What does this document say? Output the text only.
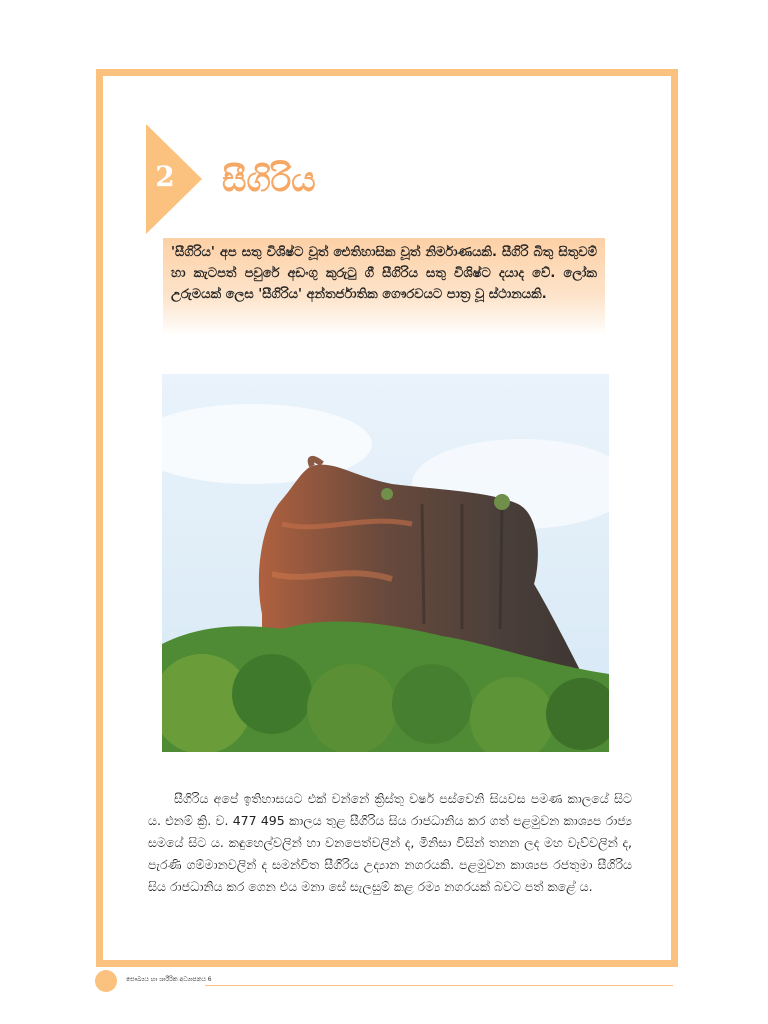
2 සීගිරිය

'සීගිරිය' අප සතු විශිෂ්ට වූත් ඓතිහාසික වූත් නිර්මාණයකි. සීගිරි බිතු සිතුවම් හා කැටපත් පවුරේ අඩංගු කුරුටු ගී සීගිරිය සතු විශිෂ්ට දයාද වේ. ලෝක උරුමයක් ලෙස 'සීගිරිය' අන්තර්ජාතික ගෞරවයට පාත්‍ර වූ ස්ථානයකි.

සීගිරිය අපේ ඉතිහාසයට එක් වන්නේ ක්‍රිස්තු වර්ෂ පස්වෙනි සියවස පමණ කාලයේ සිට ය. එනම් ක්‍රි. ව. 477 495 කාලය තුළ සීගිරිය සිය රාජධානිය කර ගත් පළමුවන කාශ්‍යප රාජ්‍ය සමයේ සිට ය. කඳුහෙල්වලින් හා වනපෙත්වලින් ද, මිනිසා විසින් තනන ලද මහ වැව්වලින් ද, පැරණි ගම්මානවලින් ද සමන්විත සීගිරිය උද්‍යාන නගරයකි. පළමුවන කාශ්‍යප රජතුමා සීගිරිය සිය රාජධානිය කර ගෙන එය මනා සේ සැලසුම් කළ රම්‍ය නගරයක් බවට පත් කළේ ය.

සෞඛ්‍යය හා ශාරීරික අධ්‍යාපනය 6
